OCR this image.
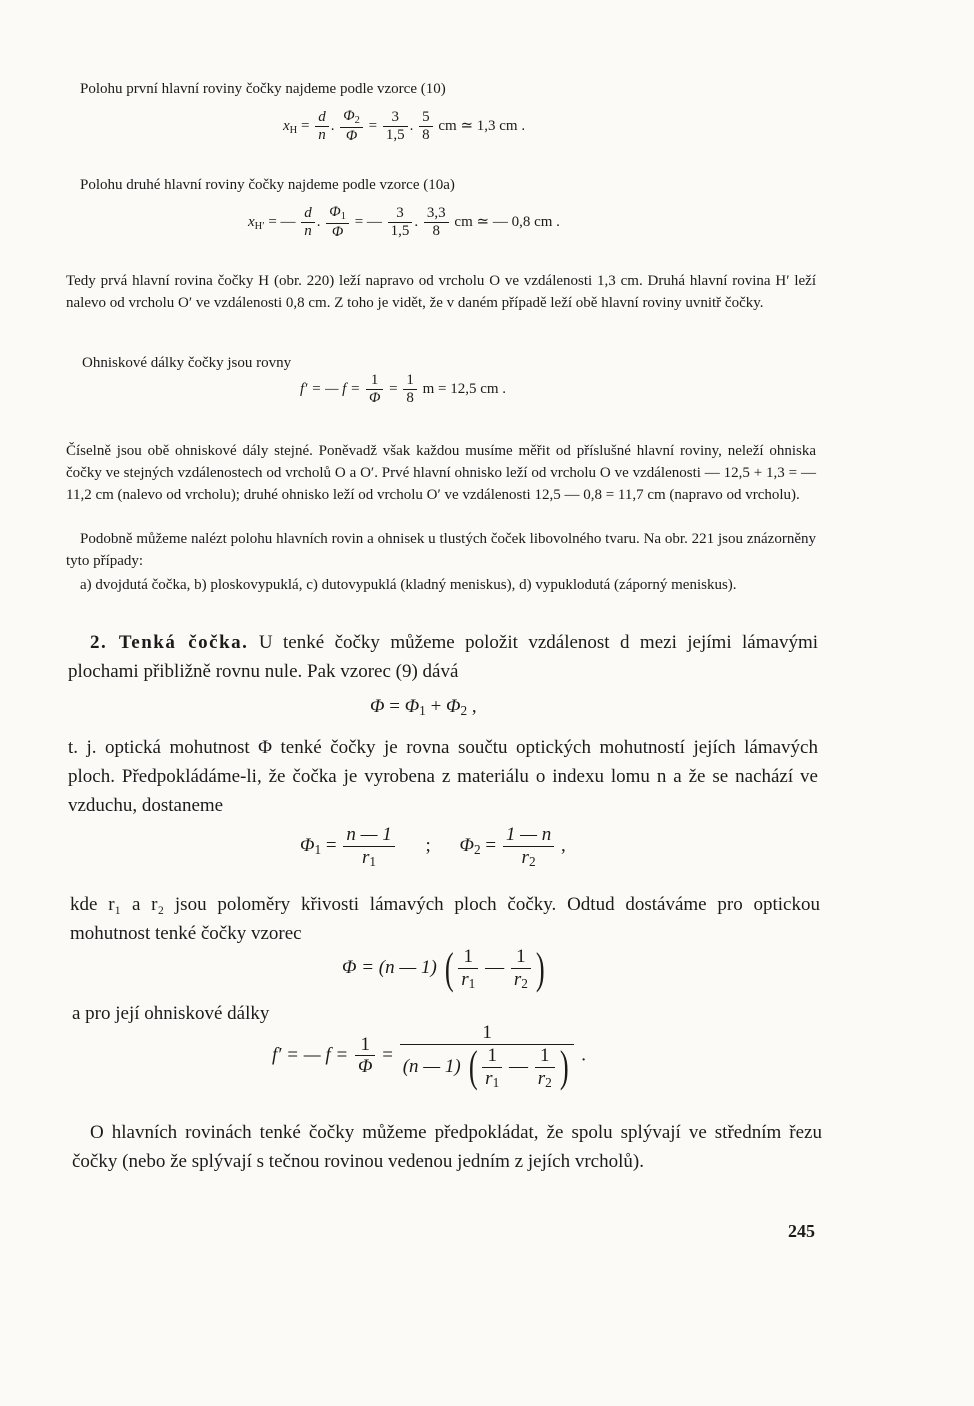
Polohu první hlavní roviny čočky najdeme podle vzorce (10)

$x_H = \frac{d}{n}$ . $\frac{\Phi_2}{\Phi} = \frac{3}{1,5}$ . $\frac{5}{8}$ cm ≃ 1,3 cm .

Polohu druhé hlavní roviny čočky najdeme podle vzorce (10a)

$x_{H'}$ = — $\frac{d}{n}$ . $\frac{\Phi_1}{\Phi}$ = — $\frac{3}{1,5}$ . $\frac{3,3}{8}$ cm ≃ — 0,8 cm .

Tedy prvá hlavní rovina čočky H (obr. 220) leží napravo od vrcholu O ve vzdálenosti 1,3 cm. Druhá hlavní rovina H′ leží nalevo od vrcholu O′ ve vzdálenosti 0,8 cm. Z toho je vidět, že v daném případě leží obě hlavní roviny uvnitř čočky.

Ohniskové dálky čočky jsou rovny

f′ = — $f = \frac{1}{\Phi} = \frac{1}{8}$ m = 12,5 cm .

Číselně jsou obě ohniskové dály stejné. Poněvadž však každou musíme měřit od příslušné hlavní roviny, neleží ohniska čočky ve stejných vzdálenostech od vrcholů O a O′. Prvé hlavní ohnisko leží od vrcholu O ve vzdálenosti — 12,5 + 1,3 = — 11,2 cm (nalevo od vrcholu); druhé ohnisko leží od vrcholu O′ ve vzdálenosti 12,5 — 0,8 = 11,7 cm (napravo od vrcholu).

Podobně můžeme nalézt polohu hlavních rovin a ohnisek u tlustých čoček libovolného tvaru. Na obr. 221 jsou znázorněny tyto případy:

a) dvojdutá čočka, b) ploskovypuklá, c) dutovypuklá (kladný meniskus), d) vypuklodutá (záporný meniskus).

2. Tenká čočka. U tenké čočky můžeme položit vzdálenost d mezi jejími lámavými plochami přibližně rovnu nule. Pak vzorec (9) dává

$\Phi = \Phi_1 + \Phi_2$ ,

t. j. optická mohutnost Φ tenké čočky je rovna součtu optických mohutností jejích lámavých ploch. Předpokládáme-li, že čočka je vyrobena z materiálu o indexu lomu n a že se nachází ve vzduchu, dostaneme

$\Phi_1 = \frac{n — 1}{r_1}$ ; $\Phi_2 = \frac{1 — n}{r_2}$ ,

kde r₁ a r₂ jsou poloměry křivosti lámavých ploch čočky. Odtud dostáváme pro optickou mohutnost tenké čočky vzorec

Φ = (n — 1) ( $\frac{1}{r_1}$ — $\frac{1}{r_2}$ )

a pro její ohniskové dálky

f′ = — $f = \frac{1}{\Phi} = \frac{1}{(n — 1) ( \frac{1}{r_1} — \frac{1}{r_2} )}$ .

O hlavních rovinách tenké čočky můžeme předpokládat, že spolu splývají ve středním řezu čočky (nebo že splývají s tečnou rovinou vedenou jedním z jejích vrcholů).

245
